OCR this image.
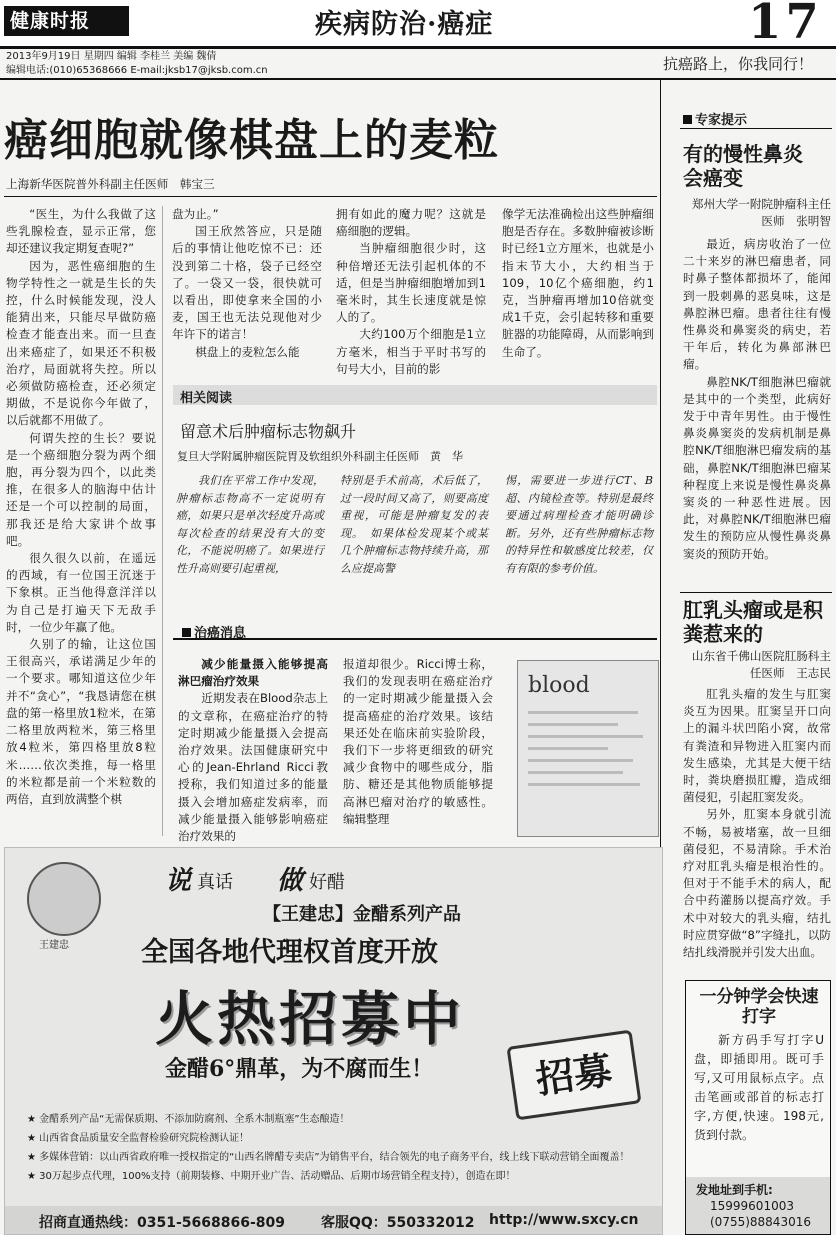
健康时报	疾病防治·癌症	17
2013年9月19日 星期四 编辑 李桂兰 美编 魏倩
编辑电话:(010)65368666 E-mail:jksb17@jksb.com.cn	抗癌路上，你我同行！
癌细胞就像棋盘上的麦粒
上海新华医院普外科副主任医师　韩宝三

“医生，为什么我做了这些乳腺检查，显示正常，您却还建议我定期复查呢?”

因为，恶性癌细胞的生物学特性之一就是生长的失控，什么时候能发现，没人能猜出来，只能尽早做防癌检查才能查出来。而一旦查出来癌症了，如果还不积极治疗，局面就将失控。所以必须做防癌检查，还必须定期做，不是说你今年做了，以后就都不用做了。

何谓失控的生长？要说是一个癌细胞分裂为两个细胞，再分裂为四个，以此类推，在很多人的脑海中估计还是一个可以控制的局面，那我还是给大家讲个故事吧。

很久很久以前，在遥远的西域，有一位国王沉迷于下象棋。正当他得意洋洋以为自己是打遍天下无敌手时，一位少年赢了他。

久别了的输，让这位国王很高兴，承诺满足少年的一个要求。哪知道这位少年并不“贪心”，“我恳请您在棋盘的第一格里放1粒米，在第二格里放两粒米，第三格里放4粒米，第四格里放8粒米……依次类推，每一格里的米粒都是前一个米粒数的两倍，直到放满整个棋

盘为止。”

国王欣然答应，只是随后的事情让他吃惊不已：还没到第二十格，袋子已经空了。一袋又一袋，很快就可以看出，即使拿来全国的小麦，国王也无法兑现他对少年许下的诺言！

棋盘上的麦粒怎么能

拥有如此的魔力呢？这就是癌细胞的逻辑。

当肿瘤细胞很少时，这种倍增还无法引起机体的不适，但是当肿瘤细胞增加到1毫米时，其生长速度就是惊人的了。

大约100万个细胞是1立方毫米，相当于平时书写的句号大小，目前的影

像学无法准确检出这些肿瘤细胞是否存在。多数肿瘤被诊断时已经1立方厘米，也就是小指末节大小，大约相当于109，10亿个癌细胞，约1克，当肿瘤再增加10倍就变成1千克，会引起转移和重要脏器的功能障碍，从而影响到生命了。

相关阅读
留意术后肿瘤标志物飙升
复旦大学附属肿瘤医院胃及软组织外科副主任医师　黄　华

我们在平常工作中发现，肿瘤标志物高不一定说明有癌，如果只是单次轻度升高或每次检查的结果没有大的变化，不能说明癌了。如果进行性升高则要引起重视，

特别是手术前高，术后低了，过一段时间又高了，则要高度重视，可能是肿瘤复发的表现。　如果体检发现某个或某几个肿瘤标志物持续升高，那么应提高警

惕，需要进一步进行CT、B超、内镜检查等。特别是最终要通过病理检查才能明确诊断。另外，还有些肿瘤标志物的特异性和敏感度比较差，仅有有限的参考价值。

治癌消息

减少能量摄入能够提高淋巴瘤治疗效果

近期发表在Blood杂志上的文章称，在癌症治疗的特定时期减少能量摄入会提高治疗效果。法国健康研究中心的Jean-Ehrland Ricci教授称，我们知道过多的能量摄入会增加癌症发病率，而减少能量摄入能够影响癌症治疗效果的

报道却很少。Ricci博士称，我们的发现表明在癌症治疗的一定时期减少能量摄入会提高癌症的治疗效果。该结果还处在临床前实验阶段，我们下一步将更细致的研究减少食物中的哪些成分，脂肪、糖还是其他物质能够提高淋巴瘤对治疗的敏感性。编辑整理

blood
专家提示
有的慢性鼻炎会癌变
郑州大学一附院肿瘤科主任医师　张明智

最近，病房收治了一位二十来岁的淋巴瘤患者，同时鼻子整体都损坏了，能闻到一股刺鼻的恶臭味，这是鼻腔淋巴瘤。患者往往有慢性鼻炎和鼻窦炎的病史，若干年后，转化为鼻部淋巴瘤。

鼻腔NK/T细胞淋巴瘤就是其中的一个类型，此病好发于中青年男性。由于慢性鼻炎鼻窦炎的发病机制是鼻腔NK/T细胞淋巴瘤发病的基础，鼻腔NK/T细胞淋巴瘤某种程度上来说是慢性鼻炎鼻窦炎的一种恶性进展。因此，对鼻腔NK/T细胞淋巴瘤发生的预防应从慢性鼻炎鼻窦炎的预防开始。

肛乳头瘤或是积粪惹来的
山东省千佛山医院肛肠科主任医师　王志民

肛乳头瘤的发生与肛窦炎互为因果。肛窦呈开口向上的漏斗状凹陷小窝，故常有粪渣和异物进入肛窦内而发生感染，尤其是大便干结时，粪块磨损肛瓣，造成细菌侵犯，引起肛窦发炎。

另外，肛窦本身就引流不畅，易被堵塞，故一旦细菌侵犯，不易清除。手术治疗对肛乳头瘤是根治性的。但对于不能手术的病人，配合中药灌肠以提高疗效。手术中对较大的乳头瘤，结扎时应贯穿做“8”字缝扎，以防结扎线滑脱并引发大出血。

一分钟学会快速打字

新方码手写打字U盘，即插即用。既可手写,又可用鼠标点字。点击笔画或部首的标志打字,方便,快速。198元,货到付款。

发地址到手机:
15999601003
(0755)88843016
王建忠
说 真话 做 好醋
【王建忠】金醋系列产品
全国各地代理权首度开放
火热招募中
金醋6°鼎革，为不腐而生！	招募
★ 金醋系列产品“无需保质期、不添加防腐剂、全系木制瓶塞”生态酿造！
★ 山西省食品质量安全监督检验研究院检测认证！
★ 多媒体营销：以山西省政府唯一授权指定的“山西名牌醋专卖店”为销售平台，结合领先的电子商务平台，线上线下联动营销全面覆盖！
★ 30万起步点代理，100%支持（前期装修、中期开业广告、活动赠品、后期市场营销全程支持），创造在即！
招商直通热线：0351-5668866-809	客服QQ：550332012 http://www.sxcy.cn
